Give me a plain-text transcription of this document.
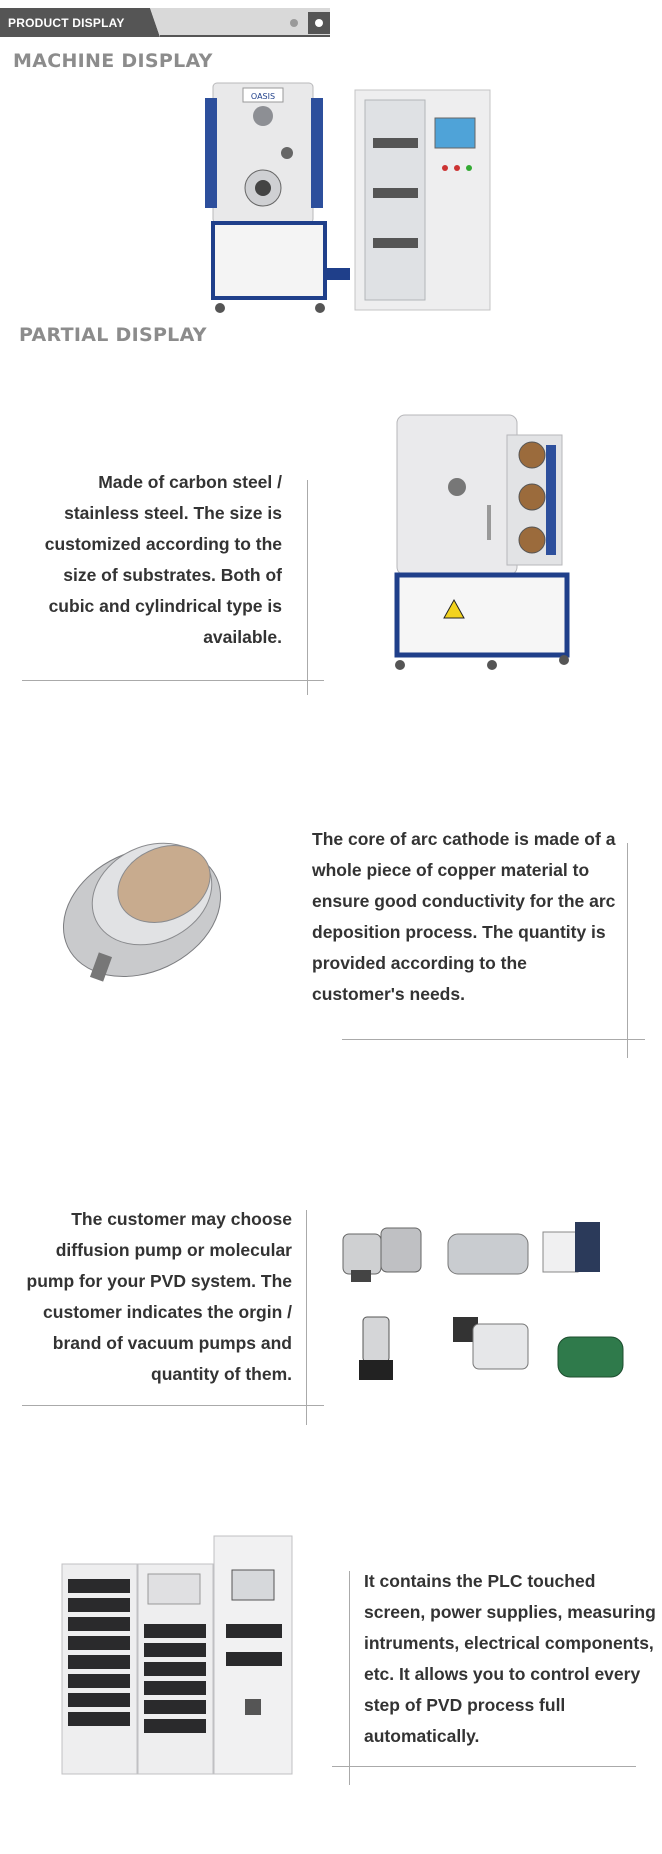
PRODUCT DISPLAY
MACHINE DISPLAY
OASIS
PARTIAL DISPLAY
Made of carbon steel / stainless steel. The size is customized according to the size of substrates. Both of cubic and cylindrical type is available.
The core of arc cathode is made of a whole piece of copper material to ensure good conductivity for the arc deposition process. The quantity is provided according to the customer's needs.
The customer may choose diffusion pump or molecular pump for your PVD system. The customer indicates the orgin / brand of vacuum pumps and quantity of them.
It contains the PLC touched screen, power supplies, measuring intruments, electrical components, etc. It allows you to control every step of PVD process full automatically.
